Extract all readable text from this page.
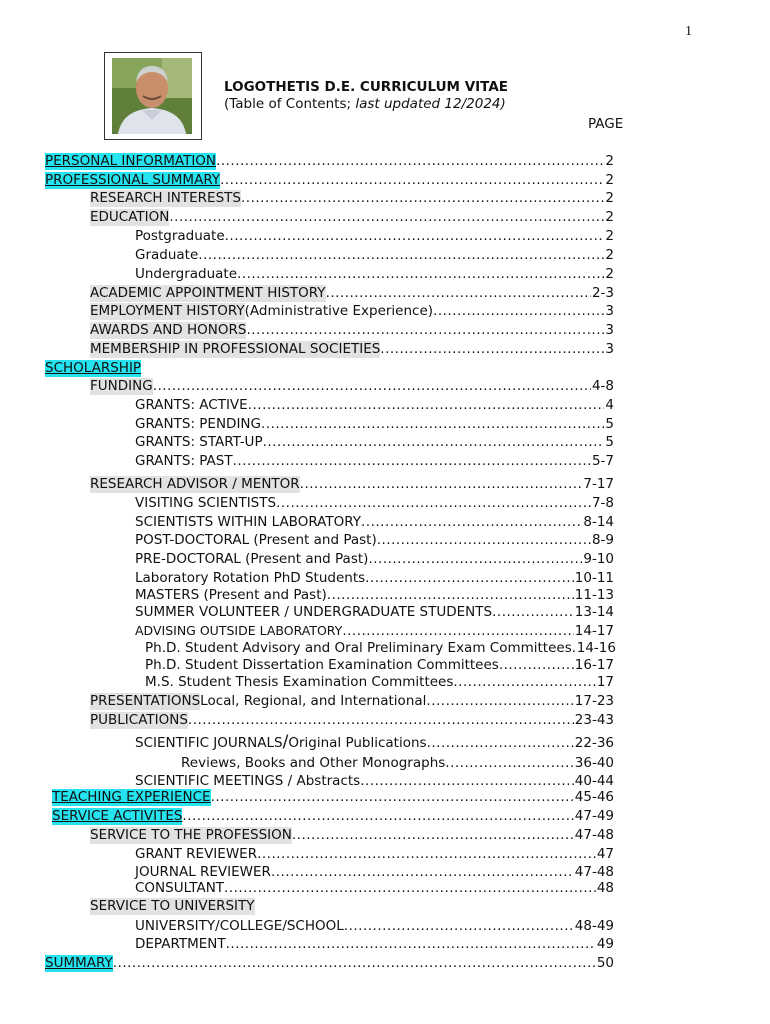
1
LOGOTHETIS D.E. CURRICULUM VITAE
(Table of Contents; last updated 12/2024)
PAGE
PERSONAL INFORMATION .....	2
PROFESSIONAL SUMMARY .....	2
RESEARCH INTERESTS .....	2
EDUCATION .....	2
Postgraduate .....	2
Graduate .....	2
Undergraduate .....	2
ACADEMIC APPOINTMENT HISTORY .....	2-3
EMPLOYMENT HISTORY (Administrative Experience) .....	3
AWARDS AND HONORS .....	3
MEMBERSHIP IN PROFESSIONAL SOCIETIES .....	3
SCHOLARSHIP
FUNDING .....	4-8
GRANTS: ACTIVE .....	4
GRANTS: PENDING .....	5
GRANTS: START-UP .....	5
GRANTS: PAST .....	5-7
RESEARCH ADVISOR / MENTOR .....	7-17
VISITING SCIENTISTS .....	7-8
SCIENTISTS WITHIN LABORATORY .....	8-14
POST-DOCTORAL (Present and Past) .....	8-9
PRE-DOCTORAL (Present and Past) .....	9-10
Laboratory Rotation PhD Students .....	10-11
MASTERS (Present and Past) .....	11-13
SUMMER VOLUNTEER / UNDERGRADUATE STUDENTS .....	13-14
ADVISING OUTSIDE LABORATORY .....	14-17
Ph.D. Student Advisory and Oral Preliminary Exam Committees ..... 14-16
Ph.D. Student Dissertation Examination Committees .....	16-17
M.S. Student Thesis Examination Committees .....	17
PRESENTATIONS Local, Regional, and International .....	17-23
PUBLICATIONS .....	23-43
SCIENTIFIC JOURNALS / Original Publications .....	22-36
Reviews, Books and Other Monographs .....	36-40
SCIENTIFIC MEETINGS / Abstracts .....	40-44
TEACHING EXPERIENCE .....	45-46
SERVICE ACTIVITES .....	47-49
SERVICE TO THE PROFESSION .....	47-48
GRANT REVIEWER .....	47
JOURNAL REVIEWER .....	47-48
CONSULTANT .....	48
SERVICE TO UNIVERSITY
UNIVERSITY/COLLEGE/SCHOOL .....	48-49
DEPARTMENT .....	49
SUMMARY .....	50
